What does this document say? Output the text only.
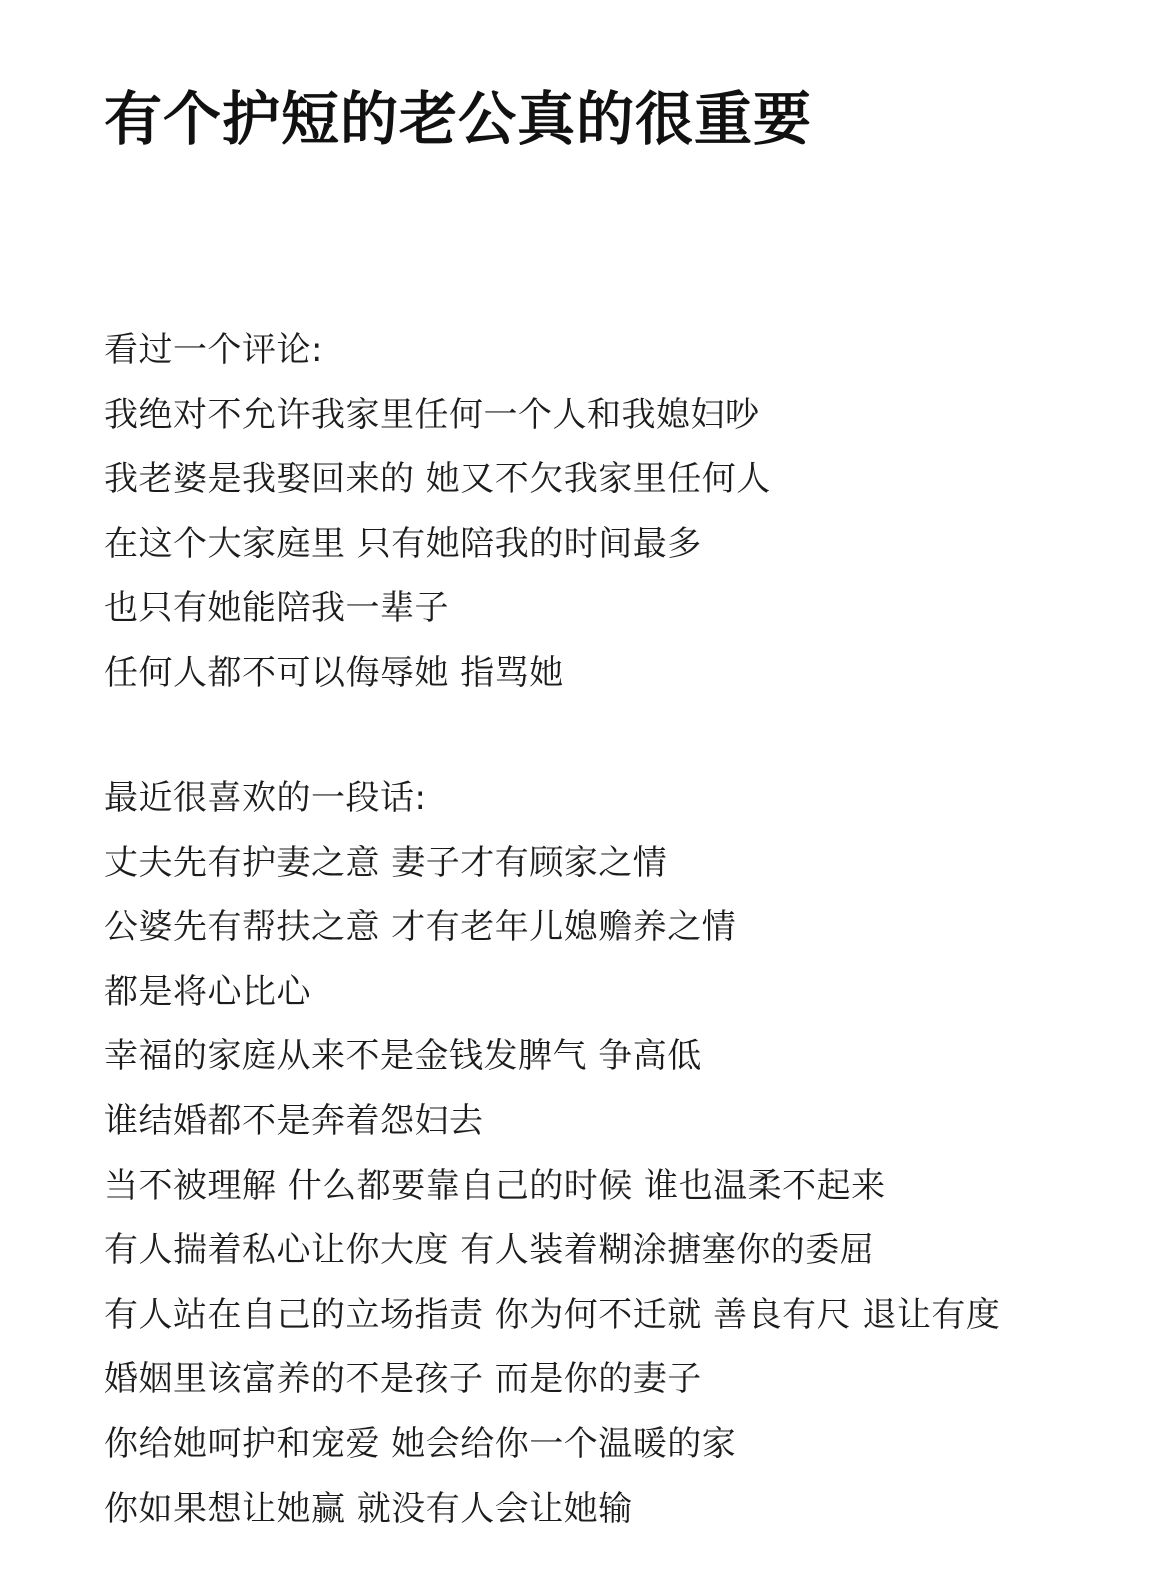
有个护短的老公真的很重要
看过一个评论:
我绝对不允许我家里任何一个人和我媳妇吵
我老婆是我娶回来的 她又不欠我家里任何人
在这个大家庭里 只有她陪我的时间最多
也只有她能陪我一辈子
任何人都不可以侮辱她 指骂她
最近很喜欢的一段话:
丈夫先有护妻之意 妻子才有顾家之情
公婆先有帮扶之意 才有老年儿媳赡养之情
都是将心比心
幸福的家庭从来不是金钱发脾气 争高低
谁结婚都不是奔着怨妇去
当不被理解 什么都要靠自己的时候 谁也温柔不起来
有人揣着私心让你大度 有人装着糊涂搪塞你的委屈
有人站在自己的立场指责 你为何不迁就 善良有尺 退让有度
婚姻里该富养的不是孩子 而是你的妻子
你给她呵护和宠爱 她会给你一个温暖的家
你如果想让她赢 就没有人会让她输
